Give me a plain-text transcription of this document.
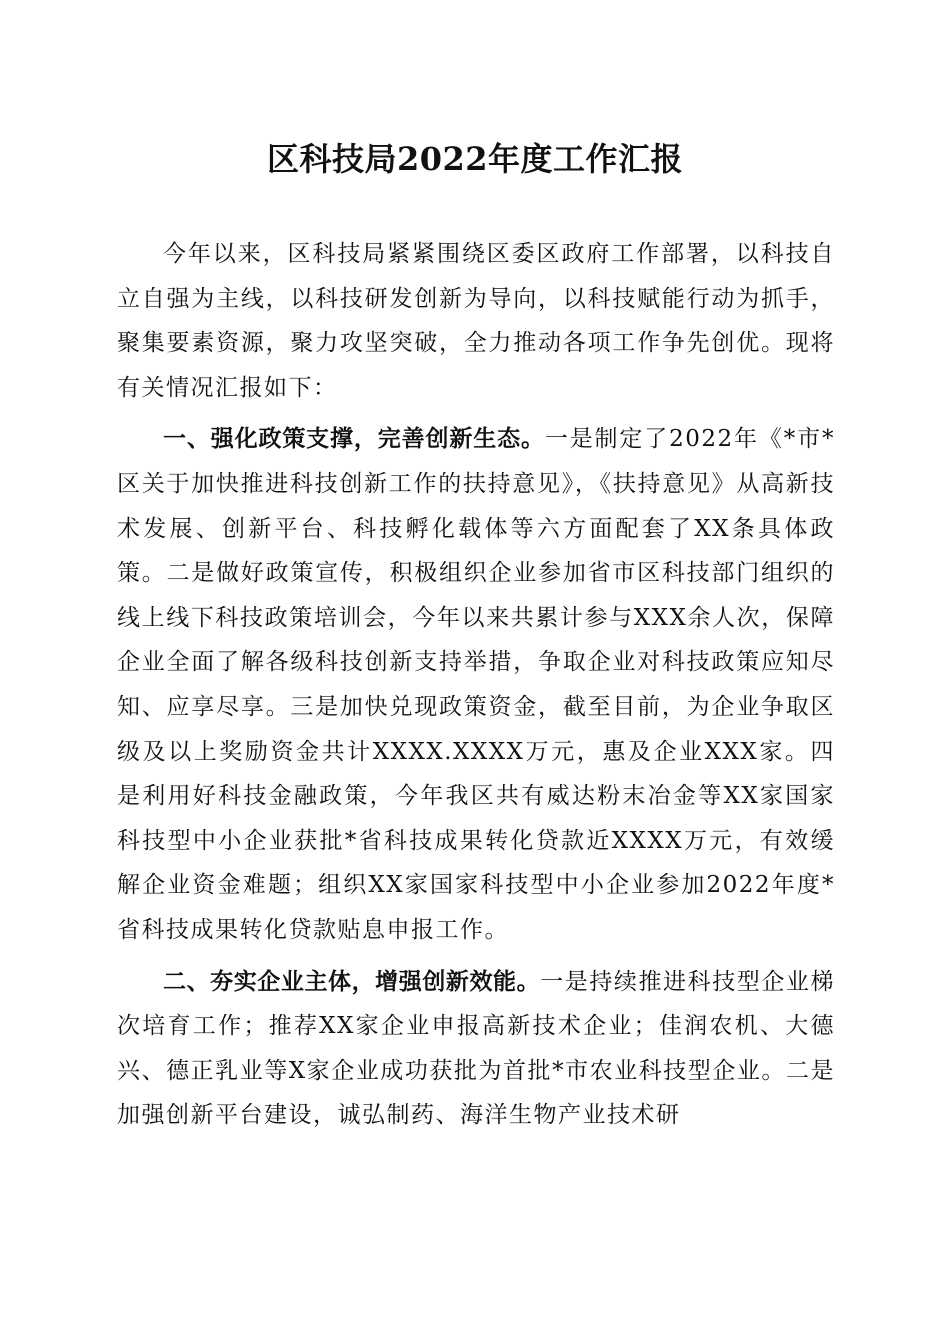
区科技局2022年度工作汇报

今年以来，区科技局紧紧围绕区委区政府工作部署，以科技自立自强为主线，以科技研发创新为导向，以科技赋能行动为抓手，聚集要素资源，聚力攻坚突破，全力推动各项工作争先创优。现将有关情况汇报如下：

一、强化政策支撑，完善创新生态。一是制定了2022年《*市*区关于加快推进科技创新工作的扶持意见》，《扶持意见》从高新技术发展、创新平台、科技孵化载体等六方面配套了XX条具体政策。二是做好政策宣传，积极组织企业参加省市区科技部门组织的线上线下科技政策培训会，今年以来共累计参与XXX余人次，保障企业全面了解各级科技创新支持举措，争取企业对科技政策应知尽知、应享尽享。三是加快兑现政策资金，截至目前，为企业争取区级及以上奖励资金共计XXXX.XXXX万元，惠及企业XXX家。四是利用好科技金融政策，今年我区共有威达粉末冶金等XX家国家科技型中小企业获批*省科技成果转化贷款近XXXX万元，有效缓解企业资金难题；组织XX家国家科技型中小企业参加2022年度*省科技成果转化贷款贴息申报工作。

二、夯实企业主体，增强创新效能。一是持续推进科技型企业梯次培育工作；推荐XX家企业申报高新技术企业；佳润农机、大德兴、德正乳业等X家企业成功获批为首批*市农业科技型企业。二是加强创新平台建设，诚弘制药、海洋生物产业技术研
